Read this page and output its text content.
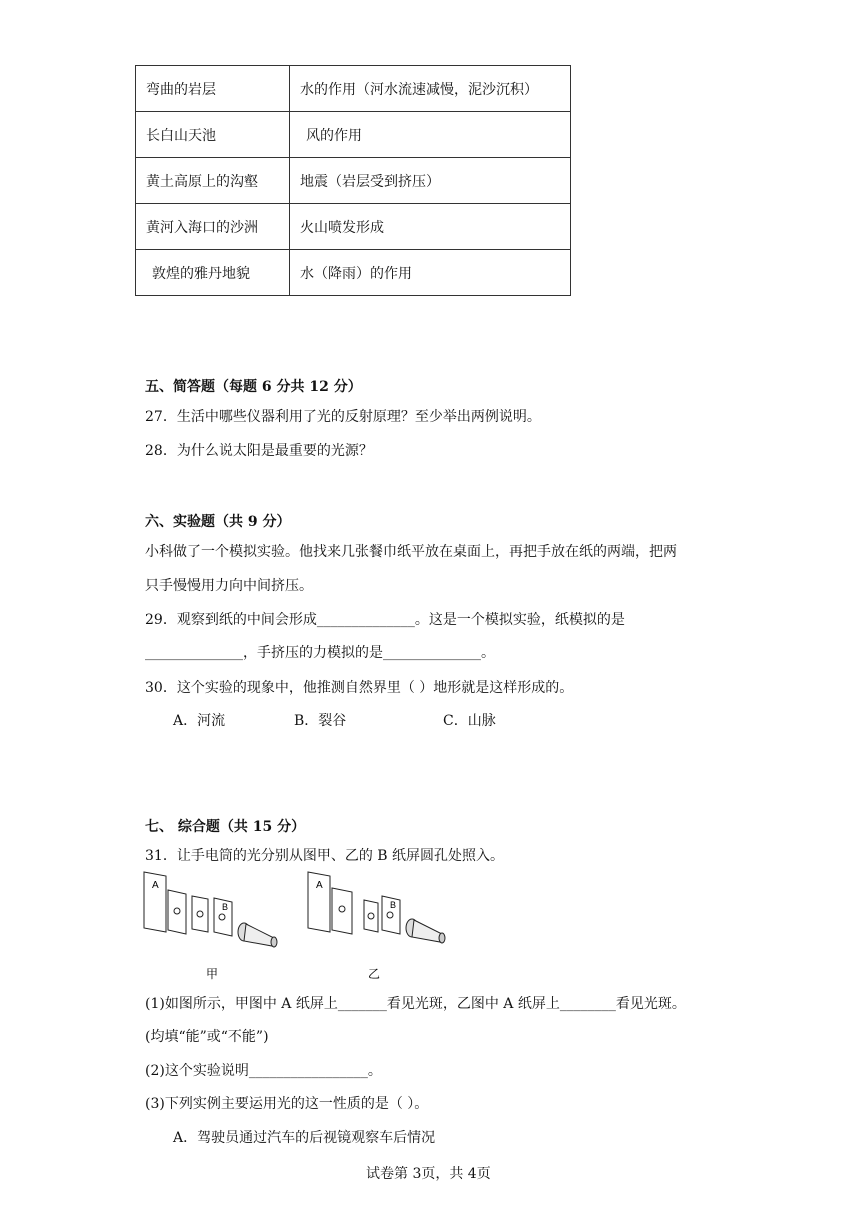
弯曲的岩层	水的作用（河水流速减慢，泥沙沉积）
长白山天池	风的作用
黄土高原上的沟壑	地震（岩层受到挤压）
黄河入海口的沙洲	火山喷发形成
敦煌的雅丹地貌	水（降雨）的作用
五、简答题（每题 6 分共 12 分）
27．生活中哪些仪器利用了光的反射原理？至少举出两例说明。
28．为什么说太阳是最重要的光源？
六、实验题（共 9 分）
小科做了一个模拟实验。他找来几张餐巾纸平放在桌面上，再把手放在纸的两端，把两
只手慢慢用力向中间挤压。
29．观察到纸的中间会形成______________。这是一个模拟实验，纸模拟的是
______________，手挤压的力模拟的是______________。
30．这个实验的现象中，他推测自然界里（ ）地形就是这样形成的。
A．河流	B．裂谷	C．山脉
七、 综合题（共 15 分）
31．让手电筒的光分别从图甲、乙的 B 纸屏圆孔处照入。
A
B
A
B
甲	乙
(1)如图所示，甲图中 A 纸屏上_______看见光斑，乙图中 A 纸屏上________看见光斑。
(均填“能”或“不能”)
(2)这个实验说明_________________。
(3)下列实例主要运用光的这一性质的是（ ）。
A．驾驶员通过汽车的后视镜观察车后情况
试卷第 3页，共 4页
